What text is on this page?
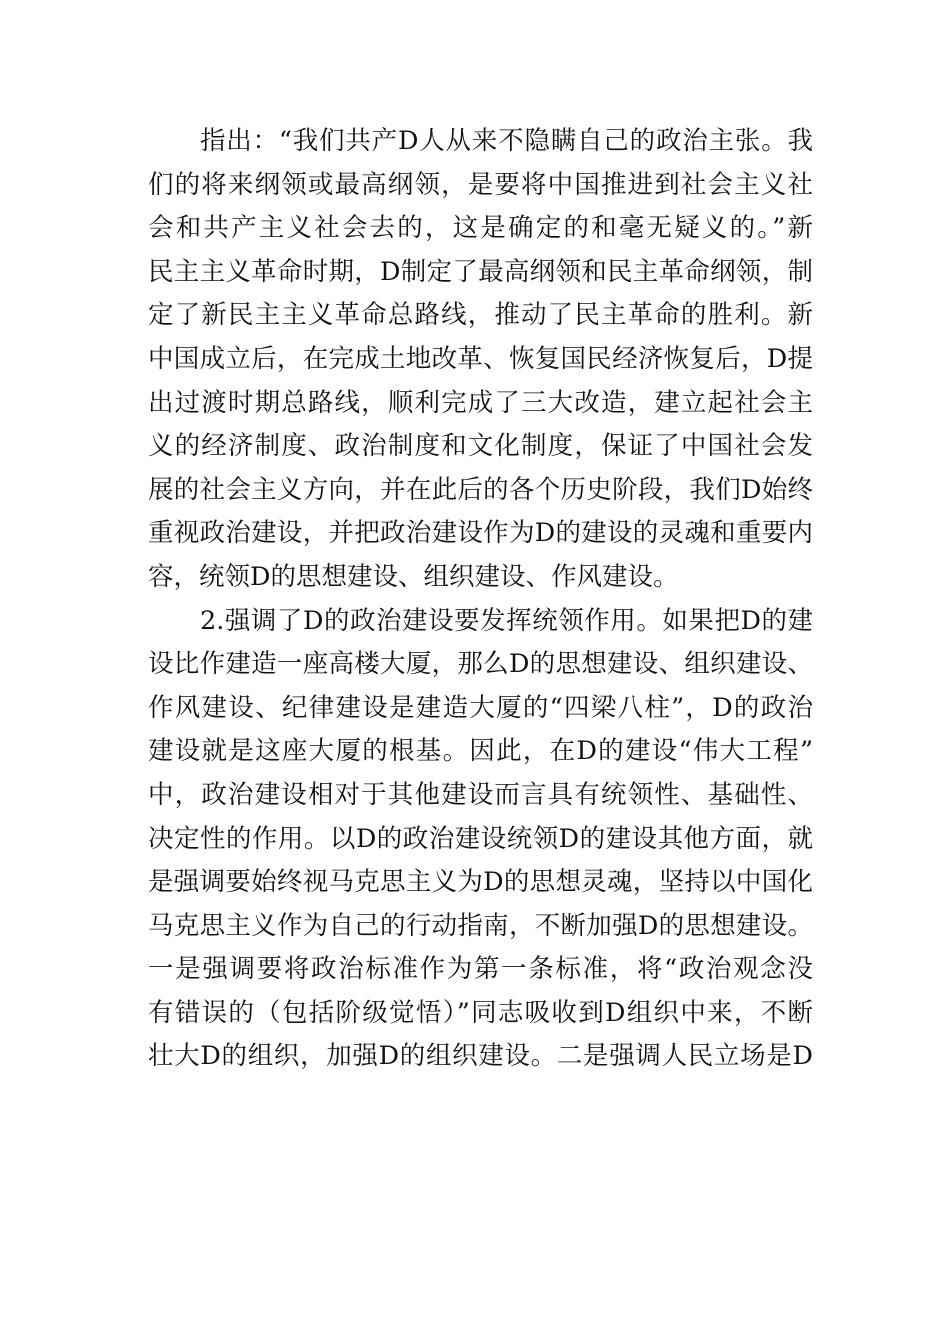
指出：“我们共产D人从来不隐瞒自己的政治主张。我
们的将来纲领或最高纲领，是要将中国推进到社会主义社
会和共产主义社会去的，这是确定的和毫无疑义的。”新
民主主义革命时期，D制定了最高纲领和民主革命纲领，制
定了新民主主义革命总路线，推动了民主革命的胜利。新
中国成立后，在完成土地改革、恢复国民经济恢复后，D提
出过渡时期总路线，顺利完成了三大改造，建立起社会主
义的经济制度、政治制度和文化制度，保证了中国社会发
展的社会主义方向，并在此后的各个历史阶段，我们D始终
重视政治建设，并把政治建设作为D的建设的灵魂和重要内
容，统领D的思想建设、组织建设、作风建设。
2.强调了D的政治建设要发挥统领作用。如果把D的建
设比作建造一座高楼大厦，那么D的思想建设、组织建设、
作风建设、纪律建设是建造大厦的“四梁八柱”，D的政治
建设就是这座大厦的根基。因此，在D的建设“伟大工程”
中，政治建设相对于其他建设而言具有统领性、基础性、
决定性的作用。以D的政治建设统领D的建设其他方面，就
是强调要始终视马克思主义为D的思想灵魂，坚持以中国化
马克思主义作为自己的行动指南，不断加强D的思想建设。
一是强调要将政治标准作为第一条标准，将“政治观念没
有错误的（包括阶级觉悟）”同志吸收到D组织中来，不断
壮大D的组织，加强D的组织建设。二是强调人民立场是D
